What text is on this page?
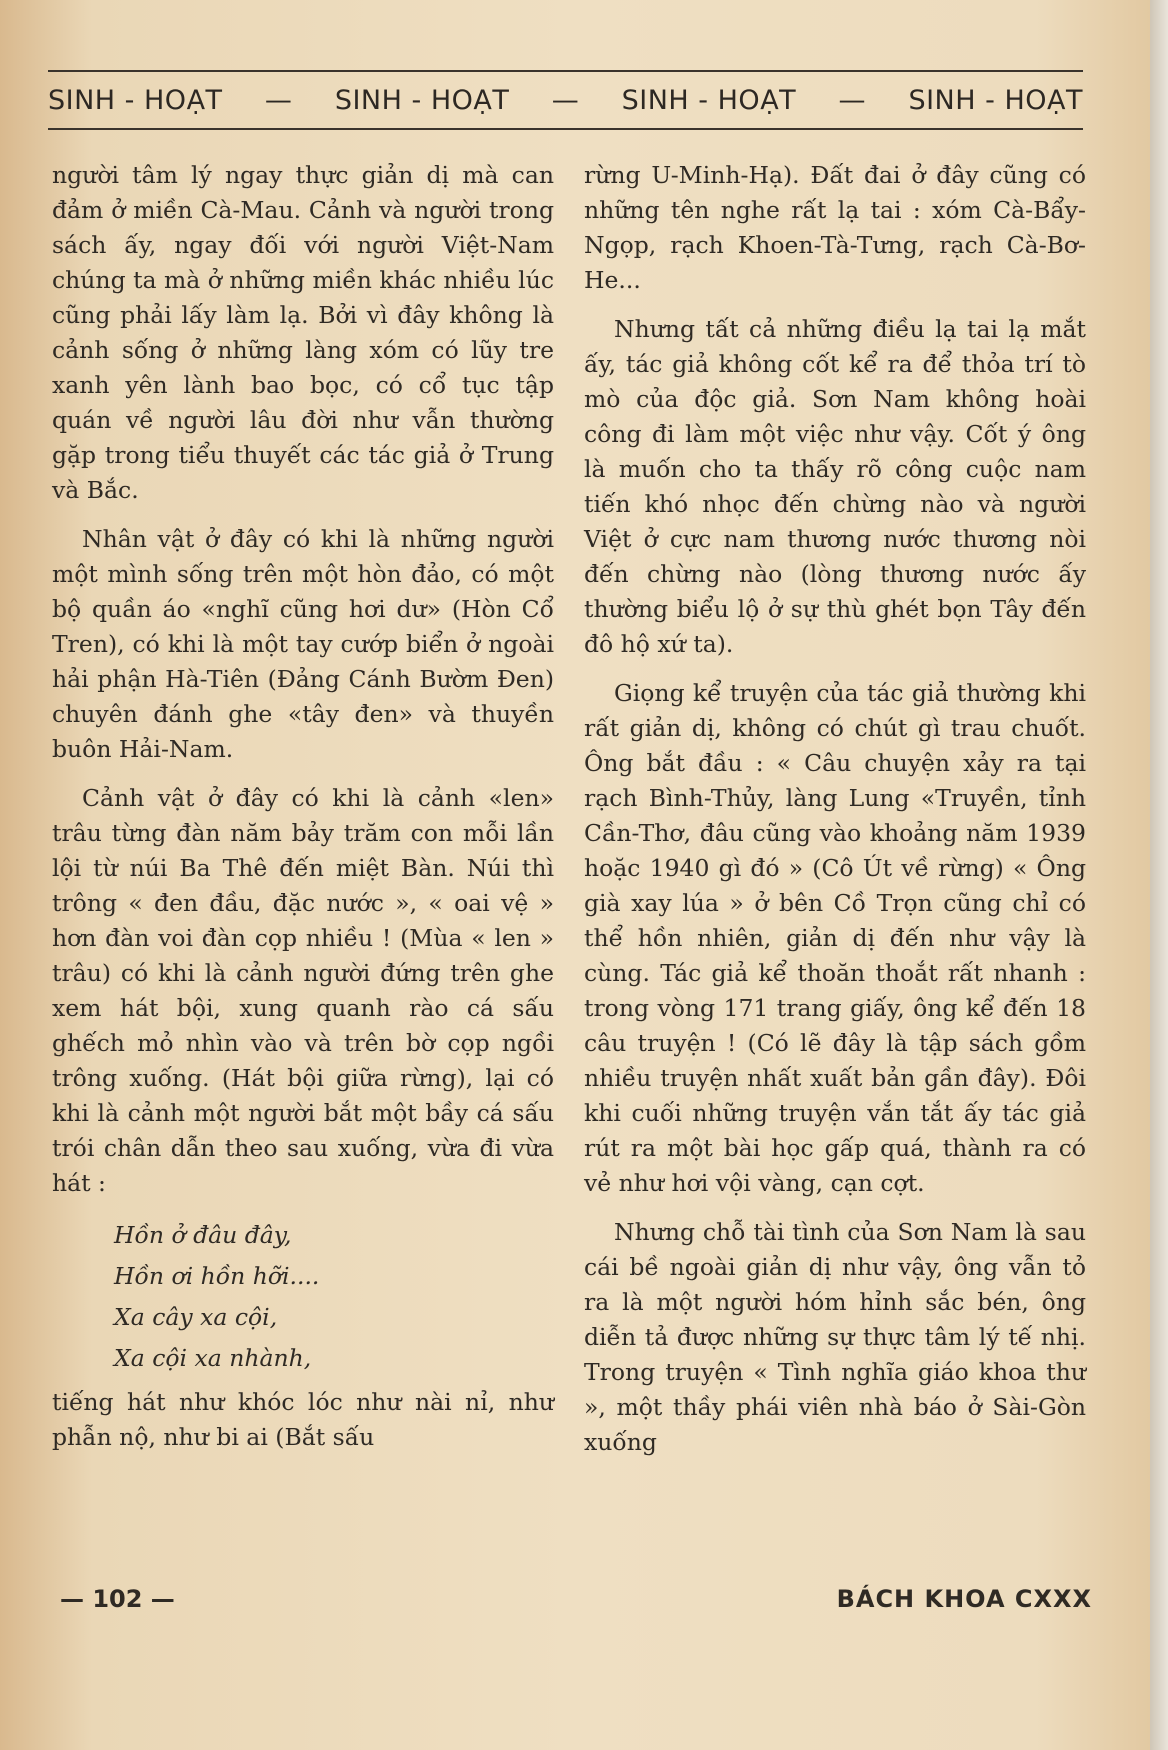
SINH - HOẠT — SINH - HOẠT — SINH - HOẠT — SINH - HOẠT

người tâm lý ngay thực giản dị mà can đảm ở miền Cà-Mau. Cảnh và người trong sách ấy, ngay đối với người Việt-Nam chúng ta mà ở những miền khác nhiều lúc cũng phải lấy làm lạ. Bởi vì đây không là cảnh sống ở những làng xóm có lũy tre xanh yên lành bao bọc, có cổ tục tập quán về người lâu đời như vẫn thường gặp trong tiểu thuyết các tác giả ở Trung và Bắc.

Nhân vật ở đây có khi là những người một mình sống trên một hòn đảo, có một bộ quần áo «nghĩ cũng hơi dư» (Hòn Cổ Tren), có khi là một tay cướp biển ở ngoài hải phận Hà-Tiên (Đảng Cánh Bườm Đen) chuyên đánh ghe «tây đen» và thuyền buôn Hải-Nam.

Cảnh vật ở đây có khi là cảnh «len» trâu từng đàn năm bảy trăm con mỗi lần lội từ núi Ba Thê đến miệt Bàn. Núi thì trông « đen đầu, đặc nước », « oai vệ » hơn đàn voi đàn cọp nhiều ! (Mùa « len » trâu) có khi là cảnh người đứng trên ghe xem hát bội, xung quanh rào cá sấu ghếch mỏ nhìn vào và trên bờ cọp ngồi trông xuống. (Hát bội giữa rừng), lại có khi là cảnh một người bắt một bầy cá sấu trói chân dẫn theo sau xuống, vừa đi vừa hát :

Hồn ở đâu đây,
Hồn ơi hồn hỡi....
Xa cây xa cội,
Xa cội xa nhành,

tiếng hát như khóc lóc như nài nỉ, như phẫn nộ, như bi ai (Bắt sấu

rừng U-Minh-Hạ). Đất đai ở đây cũng có những tên nghe rất lạ tai : xóm Cà-Bẩy-Ngọp, rạch Khoen-Tà-Tưng, rạch Cà-Bơ-He...

Nhưng tất cả những điều lạ tai lạ mắt ấy, tác giả không cốt kể ra để thỏa trí tò mò của độc giả. Sơn Nam không hoài công đi làm một việc như vậy. Cốt ý ông là muốn cho ta thấy rõ công cuộc nam tiến khó nhọc đến chừng nào và người Việt ở cực nam thương nước thương nòi đến chừng nào (lòng thương nước ấy thường biểu lộ ở sự thù ghét bọn Tây đến đô hộ xứ ta).

Giọng kể truyện của tác giả thường khi rất giản dị, không có chút gì trau chuốt. Ông bắt đầu : « Câu chuyện xảy ra tại rạch Bình-Thủy, làng Lung «Truyền, tỉnh Cần-Thơ, đâu cũng vào khoảng năm 1939 hoặc 1940 gì đó » (Cô Út về rừng) « Ông già xay lúa » ở bên Cồ Trọn cũng chỉ có thể hồn nhiên, giản dị đến như vậy là cùng. Tác giả kể thoăn thoắt rất nhanh : trong vòng 171 trang giấy, ông kể đến 18 câu truyện ! (Có lẽ đây là tập sách gồm nhiều truyện nhất xuất bản gần đây). Đôi khi cuối những truyện vắn tắt ấy tác giả rút ra một bài học gấp quá, thành ra có vẻ như hơi vội vàng, cạn cợt.

Nhưng chỗ tài tình của Sơn Nam là sau cái bề ngoài giản dị như vậy, ông vẫn tỏ ra là một người hóm hỉnh sắc bén, ông diễn tả được những sự thực tâm lý tế nhị. Trong truyện « Tình nghĩa giáo khoa thư », một thầy phái viên nhà báo ở Sài-Gòn xuống

— 102 —	BÁCH KHOA CXXX
